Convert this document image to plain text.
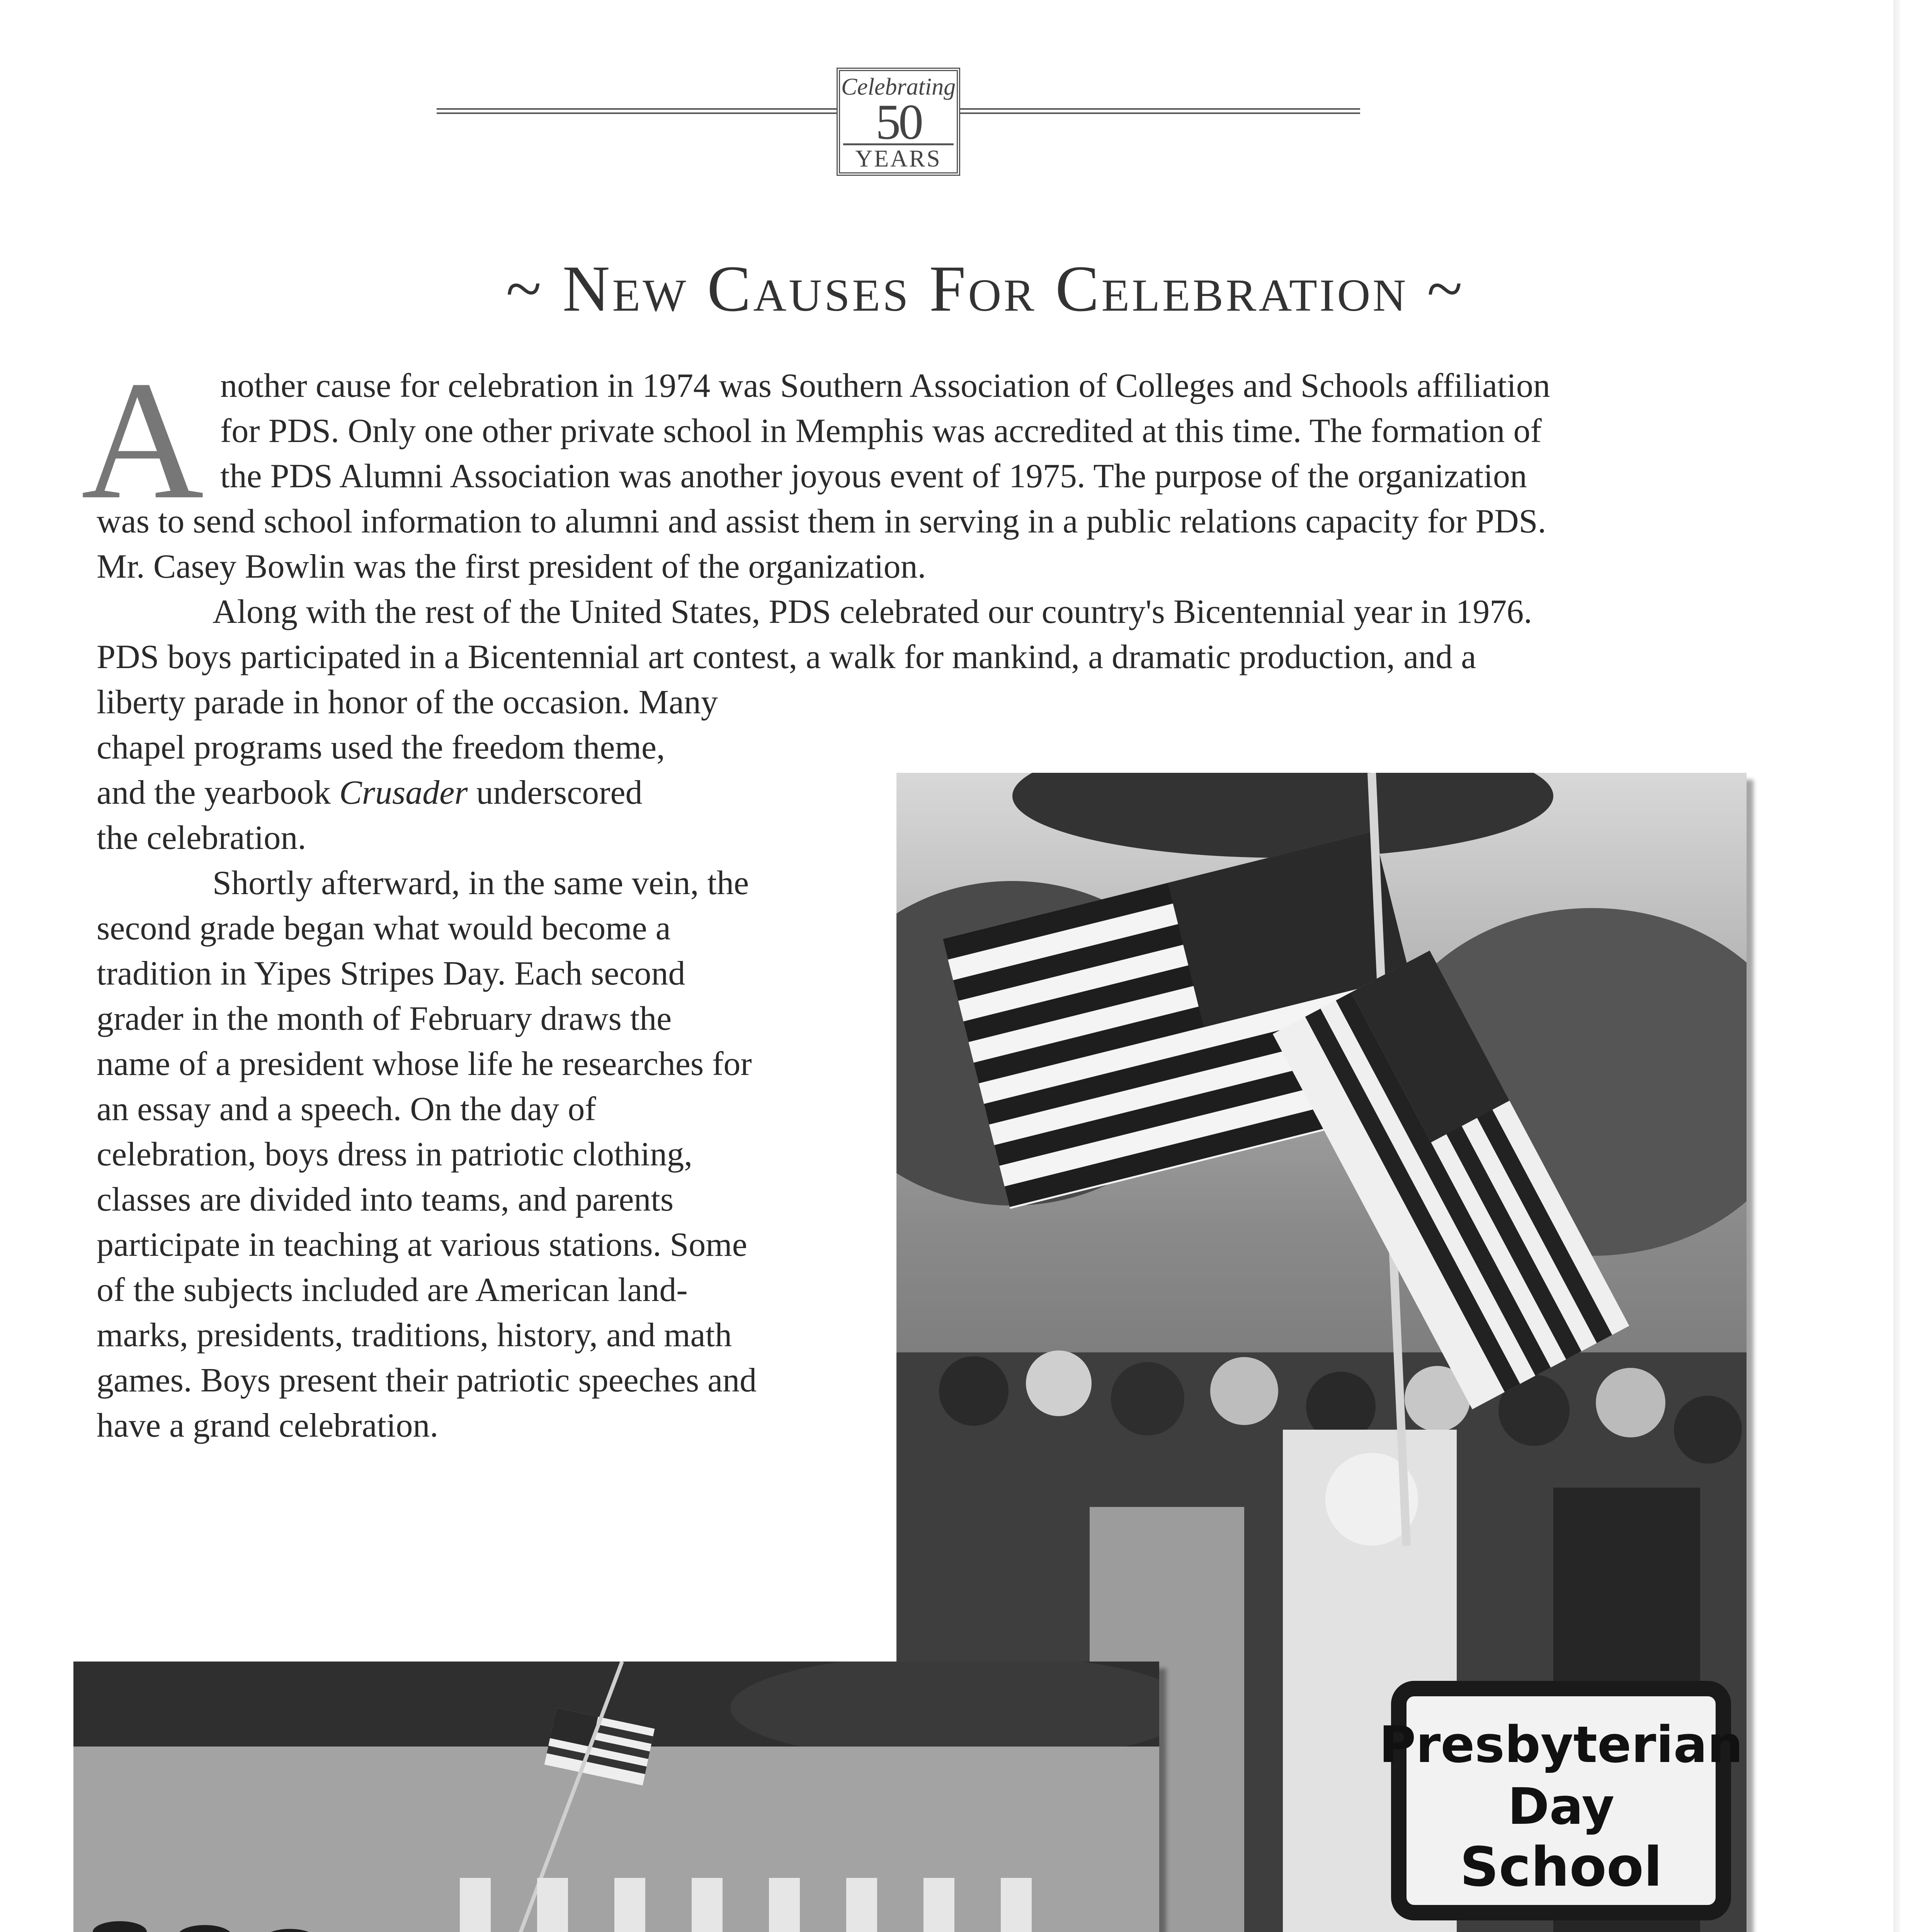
Celebrating
50
YEARS
~ New Causes For Celebration ~
A nother cause for celebration in 1974 was Southern Association of Colleges and Schools affiliation
for PDS. Only one other private school in Memphis was accredited at this time. The formation of
the PDS Alumni Association was another joyous event of 1975. The purpose of the organization
was to send school information to alumni and assist them in serving in a public relations capacity for PDS.
Mr. Casey Bowlin was the first president of the organization.
Along with the rest of the United States, PDS celebrated our country's Bicentennial year in 1976.
PDS boys participated in a Bicentennial art contest, a walk for mankind, a dramatic production, and a
liberty parade in honor of the occasion. Many
chapel programs used the freedom theme,
and the yearbook Crusader underscored
the celebration.
Shortly afterward, in the same vein, the
second grade began what would become a
tradition in Yipes Stripes Day. Each second
grader in the month of February draws the
name of a president whose life he researches for
an essay and a speech. On the day of
celebration, boys dress in patriotic clothing,
classes are divided into teams, and parents
participate in teaching at various stations. Some
of the subjects included are American land-
marks, presidents, traditions, history, and math
games. Boys present their patriotic speeches and
have a grand celebration.
Presbyterian
Day
School
